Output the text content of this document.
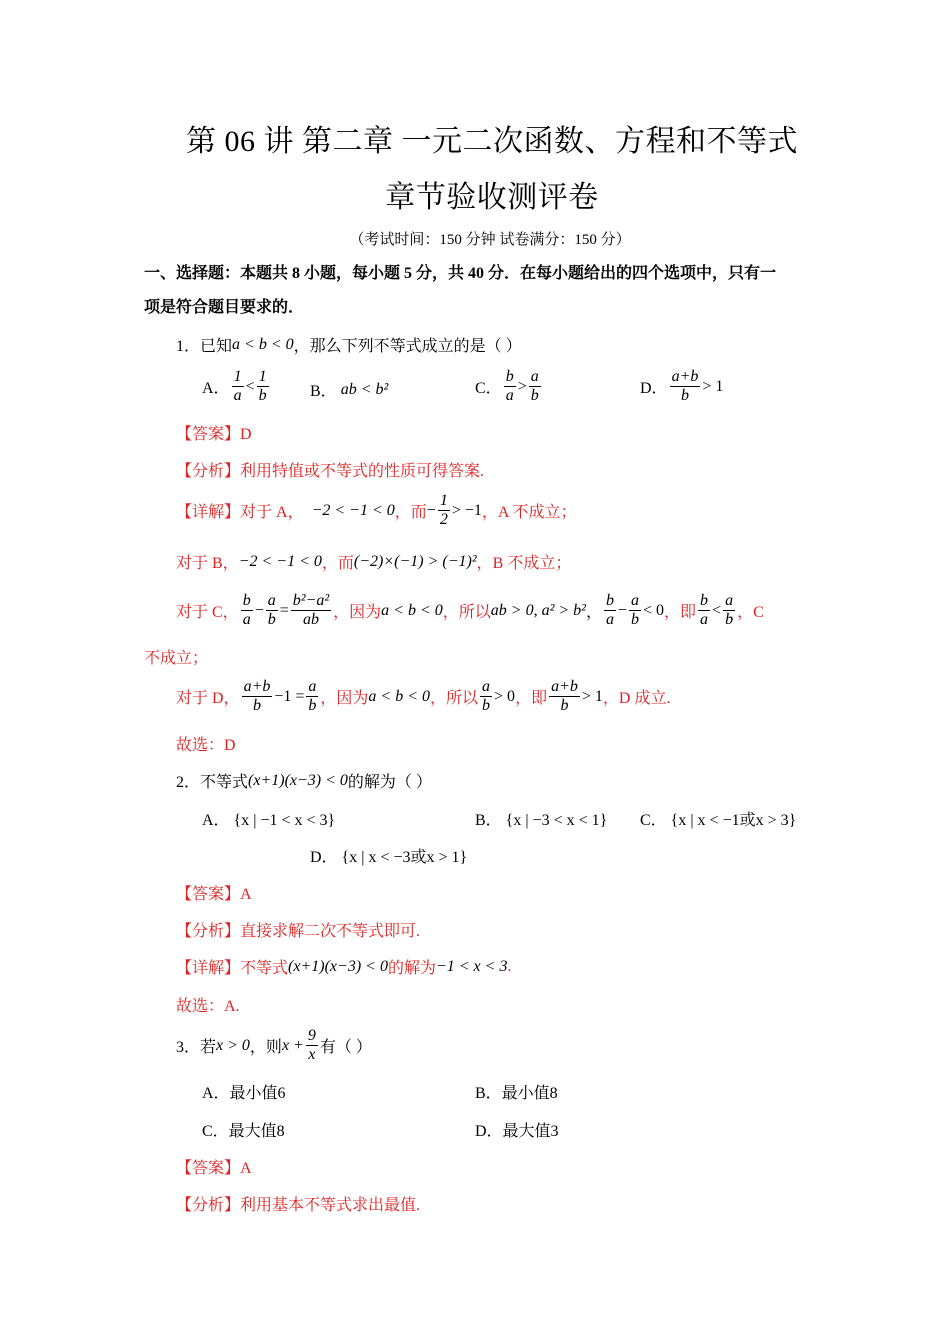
第 06 讲 第二章 一元二次函数、方程和不等式
章节验收测评卷
（考试时间：150 分钟 试卷满分：150 分）
一、选择题：本题共 8 小题，每小题 5 分，共 40 分．在每小题给出的四个选项中，只有一
项是符合题目要求的．
1．已知 a < b < 0 ，那么下列不等式成立的是（ ）
A． $\frac{1}{a} < \frac{1}{b}$	B．
ab < b²	C． $\frac{b}{a} > \frac{a}{b}$	D． $\frac{a+b}{b} > 1$
【答案】D
【分析】利用特值或不等式的性质可得答案.
【详解】 对于 A，
−2 < −1 < 0 ，而 − $\frac{1}{2} > -1$ ，A 不成立；
对于 B， −2 < −1 < 0 ，而 (−2)×(−1) > (−1)² ，B 不成立；
对于 C， $\frac{b}{a} - \frac{a}{b} = \frac{\text{b²−a²}}{ab}$ ，因为 a < b < 0 ，所以 ab > 0, a² > b² ， $\frac{b}{a} - \frac{a}{b} < 0$ ，即 $\frac{b}{a} < \frac{a}{b}$ ，C
不成立；
对于 D， $\frac{a+b}{b} -1 = \frac{a}{b}$ ，因为 a < b < 0 ，所以 $\frac{a}{b} > 0$ ，即 $\frac{a+b}{b} > 1$ ，D 成立.
故选：D
2．不等式 (x+1)(x−3) < 0 的解为（ ）
A． {x | −1 < x < 3}	B． {x | −3 < x < 1} C． {x | x < −1或x > 3}
D． {x | x < −3或x > 1}
【答案】A
【分析】直接求解二次不等式即可.
【详解】 不等式 (x+1)(x−3) < 0 的解为 −1 < x < 3 .
故选：A.
3．若 x > 0 ，则 $x + \frac{9}{x}$ 有（ ）
A．最小值6	B．最小值8
C．最大值8	D．最大值3
【答案】A
【分析】利用基本不等式求出最值.
